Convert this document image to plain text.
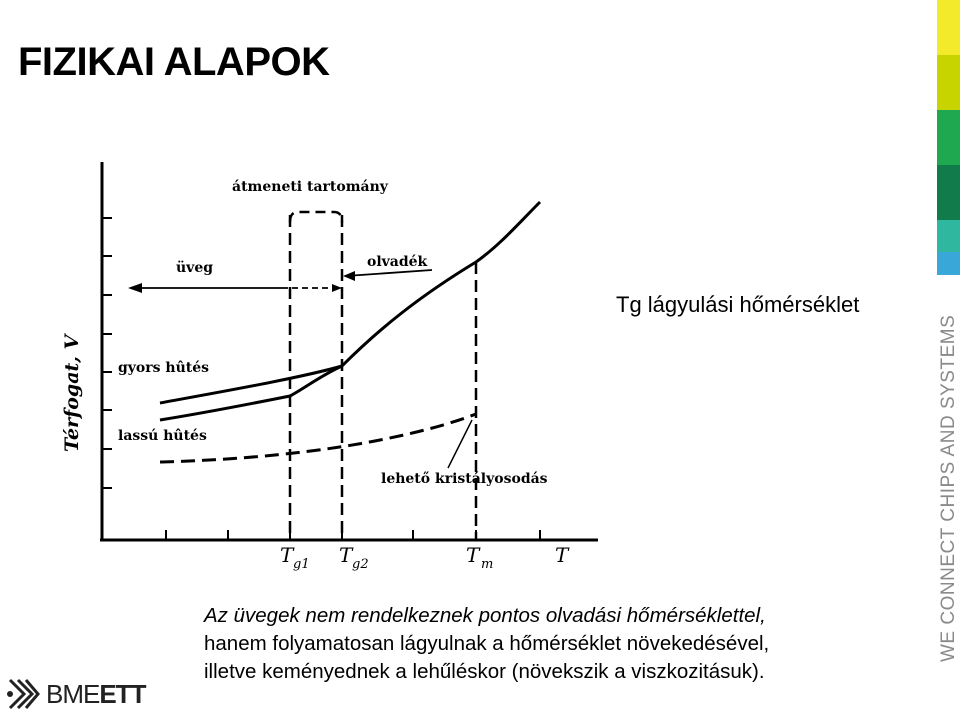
FIZIKAI ALAPOK
átmeneti tartomány
üveg	olvadék
gyors hûtés
lassú hûtés
lehető kristályosodás
Térfogat, V
T g1 T g2	T m	T
Tg lágyulási hőmérséklet
Az üvegek nem rendelkeznek pontos olvadási hőmérséklettel,
hanem folyamatosan lágyulnak a hőmérséklet növekedésével,
illetve keményednek a lehűléskor (növekszik a viszkozitásuk).
WE CONNECT CHIPS AND SYSTEMS
BMEETT
